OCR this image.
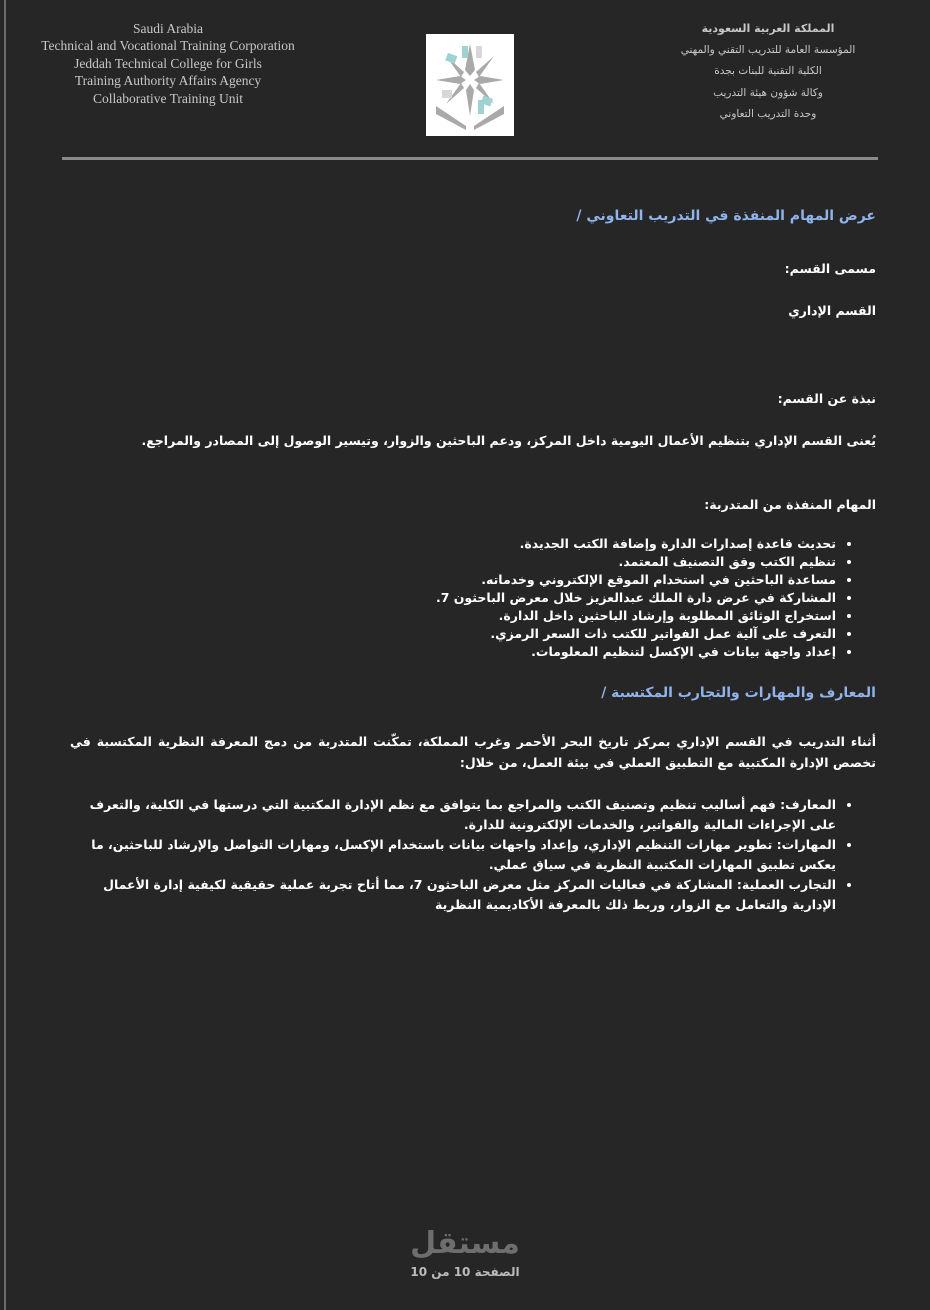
Saudi Arabia
Technical and Vocational Training Corporation
Jeddah Technical College for Girls
Training Authority Affairs Agency
Collaborative Training Unit
المملكة العربية السعودية
المؤسسة العامة للتدريب التقني والمهني
الكلية التقنية للبنات بجدة
وكالة شؤون هيئة التدريب
وحدة التدريب التعاوني
عرض المهام المنفذة في التدريب التعاوني /
مسمى القسم:
القسم الإداري
نبذة عن القسم:
يُعنى القسم الإداري بتنظيم الأعمال اليومية داخل المركز، ودعم الباحثين والزوار، وتيسير الوصول إلى المصادر والمراجع.
المهام المنفذة من المتدربة:
• تحديث قاعدة إصدارات الدارة وإضافة الكتب الجديدة.
• تنظيم الكتب وفق التصنيف المعتمد.
• مساعدة الباحثين في استخدام الموقع الإلكتروني وخدماته.
• المشاركة في عرض دارة الملك عبدالعزيز خلال معرض الباحثون 7.
• استخراج الوثائق المطلوبة وإرشاد الباحثين داخل الدارة.
• التعرف على آلية عمل الفواتير للكتب ذات السعر الرمزي.
• إعداد واجهة بيانات في الإكسل لتنظيم المعلومات.
المعارف والمهارات والتجارب المكتسبة /
أثناء التدريب في القسم الإداري بمركز تاريخ البحر الأحمر وغرب المملكة، تمكّنت المتدربة من دمج المعرفة النظرية المكتسبة في تخصص الإدارة المكتبية مع التطبيق العملي في بيئة العمل، من خلال:
• المعارف: فهم أساليب تنظيم وتصنيف الكتب والمراجع بما يتوافق مع نظم الإدارة المكتبية التي درستها في الكلية، والتعرف على الإجراءات المالية والفواتير، والخدمات الإلكترونية للدارة.
• المهارات: تطوير مهارات التنظيم الإداري، وإعداد واجهات بيانات باستخدام الإكسل، ومهارات التواصل والإرشاد للباحثين، ما يعكس تطبيق المهارات المكتبية النظرية في سياق عملي.
• التجارب العملية: المشاركة في فعاليات المركز مثل معرض الباحثون 7، مما أتاح تجربة عملية حقيقية لكيفية إدارة الأعمال الإدارية والتعامل مع الزوار، وربط ذلك بالمعرفة الأكاديمية النظرية
مستقل
الصفحة 10 من 10
